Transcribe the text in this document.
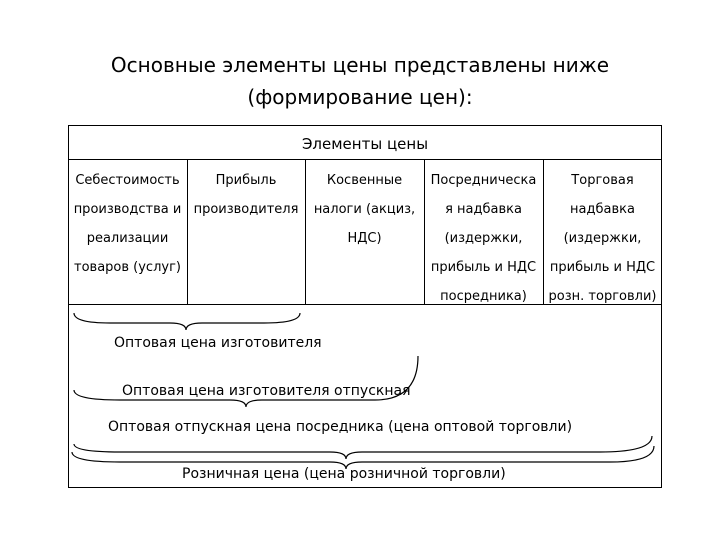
Основные элементы цены представлены ниже
(формирование цен):
Элементы цены
Себестоимость
производства и
реализации
товаров (услуг)
Прибыль
производителя
Косвенные
налоги (акциз,
НДС)
Посредническа
я надбавка
(издержки,
прибыль и НДС
посредника)
Торговая
надбавка
(издержки,
прибыль и НДС
розн. торговли)
Оптовая цена изготовителя
Оптовая цена изготовителя отпускная
Оптовая отпускная цена посредника (цена оптовой торговли)
Розничная цена (цена розничной торговли)
